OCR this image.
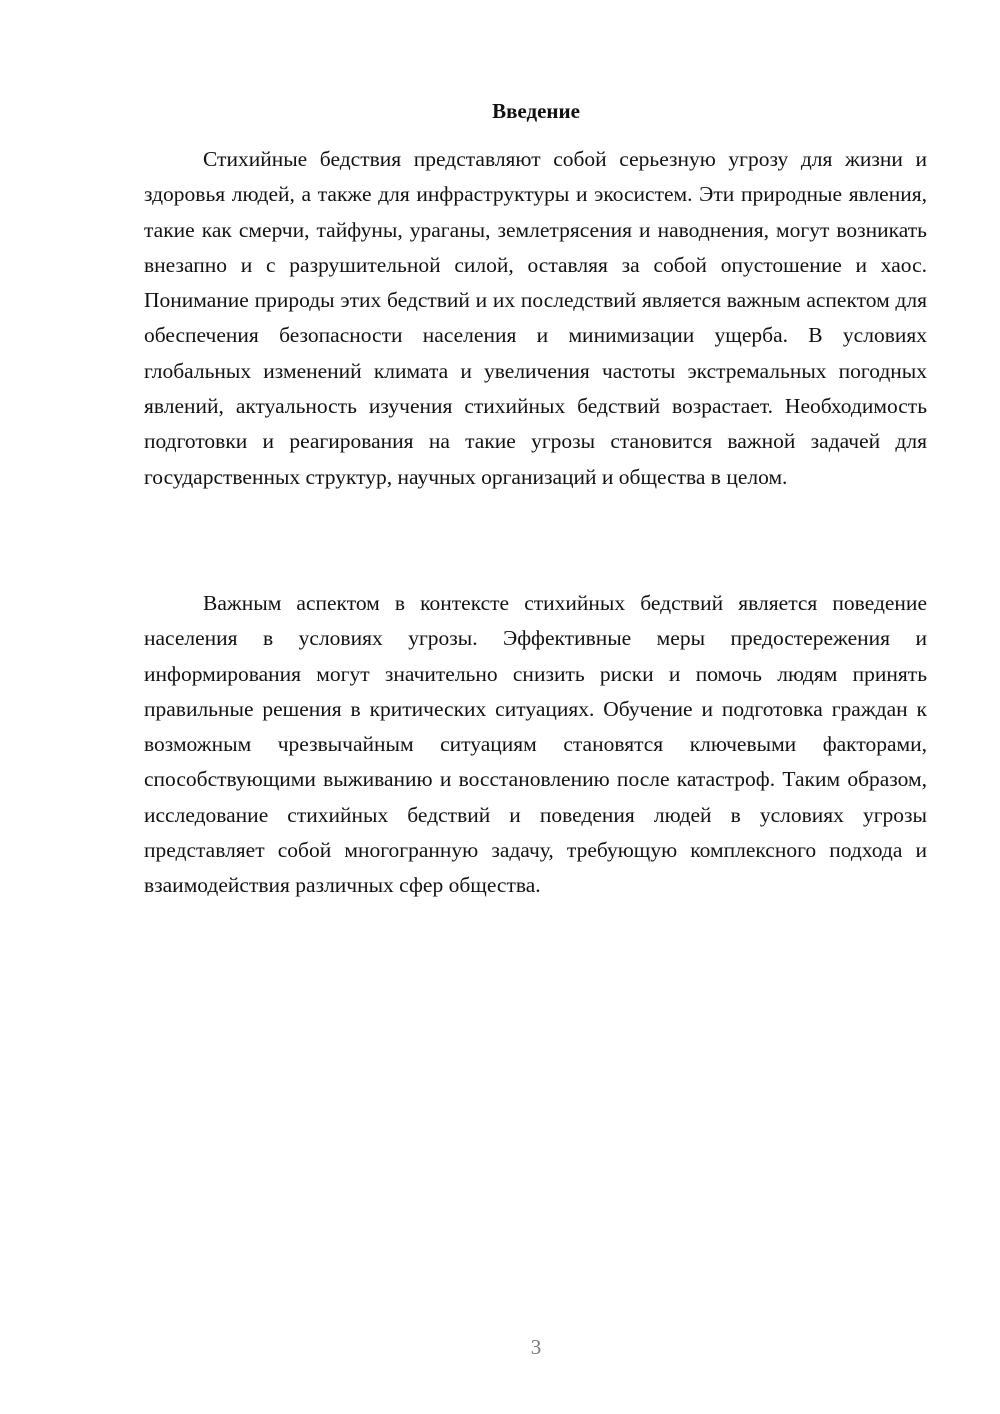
Введение

Стихийные бедствия представляют собой серьезную угрозу для жизни и здоровья людей, а также для инфраструктуры и экосистем. Эти природные явления, такие как смерчи, тайфуны, ураганы, землетрясения и наводнения, могут возникать внезапно и с разрушительной силой, оставляя за собой опустошение и хаос. Понимание природы этих бедствий и их последствий является важным аспектом для обеспечения безопасности населения и минимизации ущерба. В условиях глобальных изменений климата и увеличения частоты экстремальных погодных явлений, актуальность изучения стихийных бедствий возрастает. Необходимость подготовки и реагирования на такие угрозы становится важной задачей для государственных структур, научных организаций и общества в целом.

Важным аспектом в контексте стихийных бедствий является поведение населения в условиях угрозы. Эффективные меры предостережения и информирования могут значительно снизить риски и помочь людям принять правильные решения в критических ситуациях. Обучение и подготовка граждан к возможным чрезвычайным ситуациям становятся ключевыми факторами, способствующими выживанию и восстановлению после катастроф. Таким образом, исследование стихийных бедствий и поведения людей в условиях угрозы представляет собой многогранную задачу, требующую комплексного подхода и взаимодействия различных сфер общества.

3
